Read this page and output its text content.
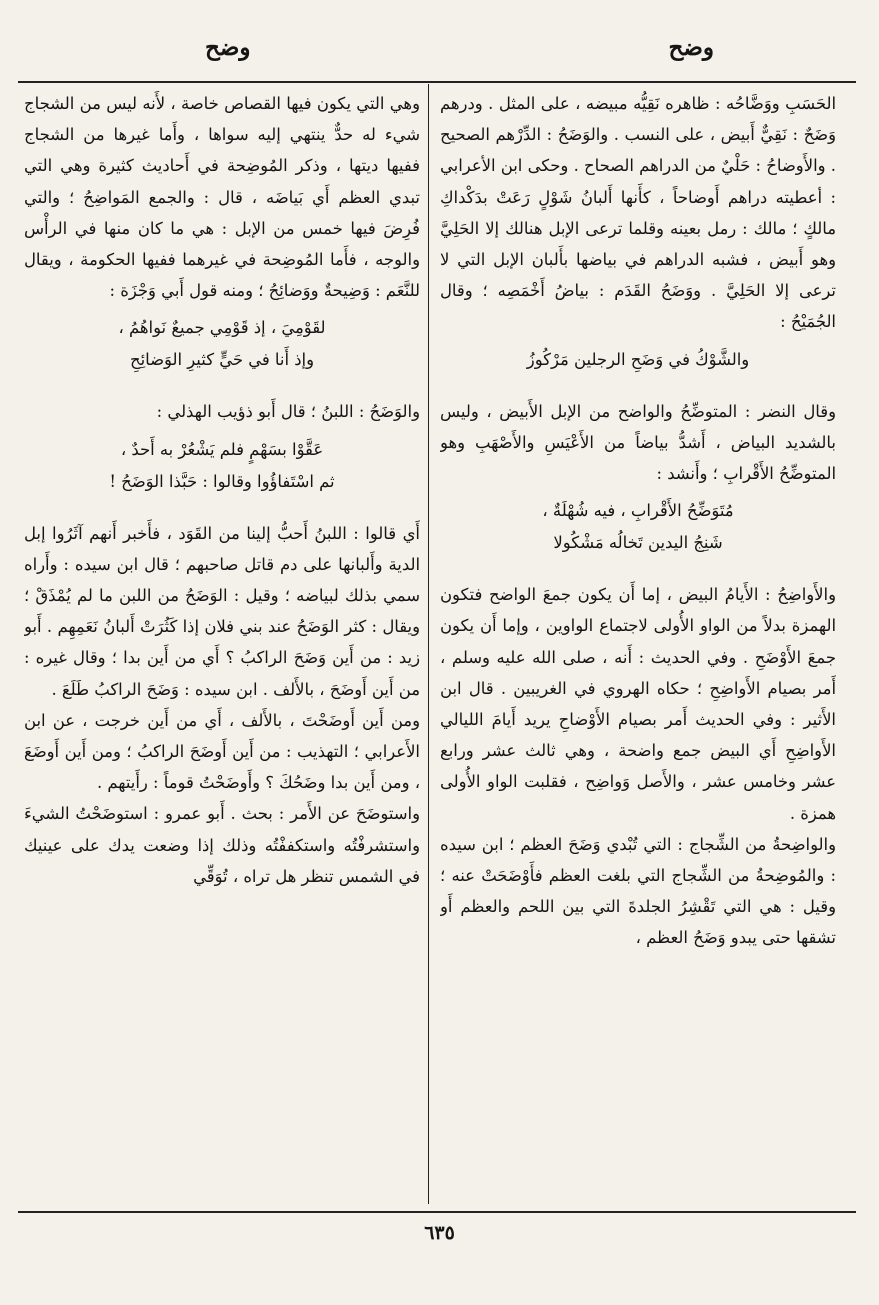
وضح
وضح

الحَسَبِ ووَضَّاحُه : ظاهره نَقِيُّه مبيضه ، على المثل . ودرهم وَضَحٌ : نَقِيٌّ أَبيض ، على النسب . والوَضَحُ : الدِّرْهم الصحيح . والأَوضاحُ : حَلْيٌ من الدراهم الصحاح . وحكى ابن الأعرابي : أعطيته دراهم أَوضاحاً ، كأَنها أَلبانُ شَوْلٍ رَعَتْ بدَكْداكِ مالكٍ ؛ مالك : رمل بعينه وقلما ترعى الإبل هنالك إلا الحَلِيَّ وهو أَبيض ، فشبه الدراهم في بياضها بأَلبان الإبل التي لا ترعى إلا الحَلِيَّ . ووَضَحُ القَدَم : بياضُ أَخْمَصِه ؛ وقال الجُمَيْحُ :

والشَّوْكُ في وَضَحِ الرجلين مَرْكُوزُ

وقال النضر : المتوضِّحُ والواضح من الإبل الأَبيض ، وليس بالشديد البياض ، أَشدُّ بياضاً من الأَعْيَسِ والأَصْهَبِ وهو المتوضِّحُ الأَقْرابِ ؛ وأَنشد :

مُتَوَضِّحُ الأَقْرابِ ، فيه شُهْلَةٌ ،
شَنِجُ اليدين تَخالُه مَشْكُولا

والأَواضِحُ : الأَيامُ البيض ، إما أَن يكون جمعَ الواضح فتكون الهمزة بدلاً من الواو الأُولى لاجتماع الواوين ، وإما أَن يكون جمعَ الأَوْضَحِ . وفي الحديث : أَنه ، صلى الله عليه وسلم ، أَمر بصيام الأَواضِحِ ؛ حكاه الهروي في الغريبين . قال ابن الأَثير : وفي الحديث أَمر بصيام الأَوْضاحِ يريد أَيامَ الليالي الأَواضِحِ أَي البيض جمع واضحة ، وهي ثالث عشر ورابع عشر وخامس عشر ، والأَصل وَواضِح ، فقلبت الواو الأُولى همزة .

والواضِحةُ من الشِّجاج : التي تُبْدي وَضَحَ العظم ؛ ابن سيده : والمُوضِحةُ من الشِّجاج التي بلغت العظم فأَوْضَحَتْ عنه ؛ وقيل : هي التي تَقْشِرُ الجلدةَ التي بين اللحم والعظم أَو تشقها حتى يبدو وَضَحُ العظم ،

وهي التي يكون فيها القصاص خاصة ، لأَنه ليس من الشجاج شيء له حدٌّ ينتهي إليه سواها ، وأَما غيرها من الشجاج ففيها ديتها ، وذكر المُوضِحة في أَحاديث كثيرة وهي التي تبدي العظم أَي بَياضَه ، قال : والجمع المَواضِحُ ؛ والتي فُرِضَ فيها خمس من الإبل : هي ما كان منها في الرأْس والوجه ، فأَما المُوضِحة في غيرهما ففيها الحكومة ، ويقال للنَّعَم : وَضِيحةٌ ووَضائِحُ ؛ ومنه قول أَبي وَجْزَة :

لقَوْمِيَ ، إذ قَوْمِي جميعٌ نَواهُمُ ،
وإذ أَنا في حَيٍّ كثيرِ الوَضائِحِ

والوَضَحُ : اللبنُ ؛ قال أَبو ذؤيب الهذلي :

عَقَّوْا بسَهْمٍ فلم يَشْعُرْ به أَحدٌ ،
ثم اسْتَفاؤُوا وقالوا : حَبَّذا الوَضَحُ !

أَي قالوا : اللبنُ أَحبُّ إلينا من القَوَد ، فأَخبر أَنهم آثَرُوا إبل الدية وأَلبانها على دم قاتل صاحبهم ؛ قال ابن سيده : وأَراه سمي بذلك لبياضه ؛ وقيل : الوَضَحُ من اللبن ما لم يُمْذَقْ ؛ ويقال : كثر الوَضَحُ عند بني فلان إذا كَثُرَتْ أَلبانُ نَعَمِهِم . أَبو زيد : من أَين وَضَحَ الراكبُ ؟ أَي من أَين بدا ؛ وقال غيره : من أَين أَوضَحَ ، بالأَلف . ابن سيده : وَضَحَ الراكبُ طَلَعَ .

ومن أَين أَوضَحْتَ ، بالأَلف ، أَي من أَين خرجت ، عن ابن الأَعرابي ؛ التهذيب : من أَين أَوضَحَ الراكبُ ؛ ومن أَين أَوضَعَ ، ومن أَين بدا وضَحُكَ ؟ وأَوضَحْتُ قوماً : رأَيتهم .

واستوضَحَ عن الأَمر : بحث . أَبو عمرو : استوضَحْتُ الشيءَ واستشرفْتُه واستكففْتُه وذلك إذا وضعت يدك على عينيك في الشمس تنظر هل تراه ، تُوَقِّي

٦٣٥
